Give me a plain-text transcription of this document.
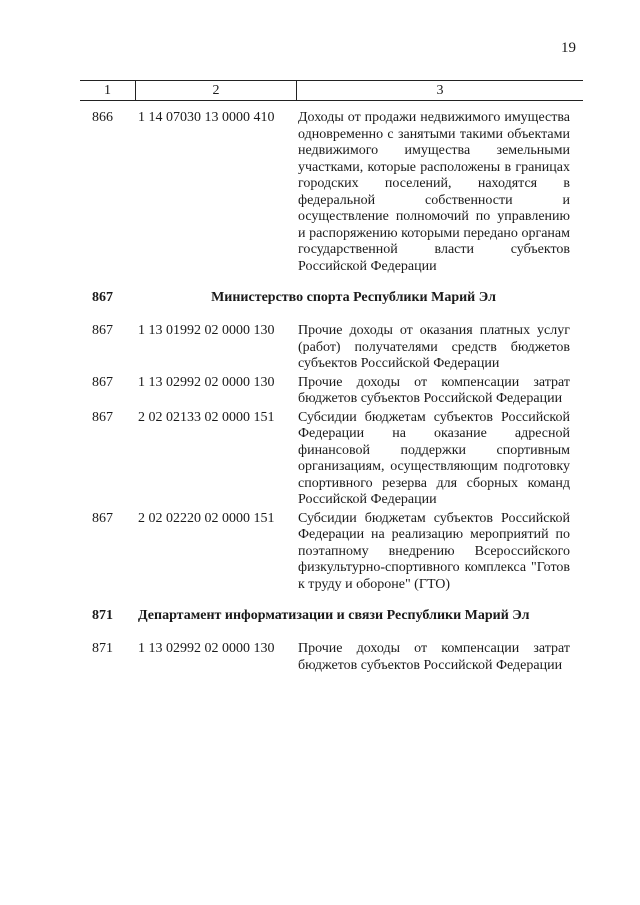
19
1	2	3
866	1 14 07030 13 0000 410	Доходы от продажи недвижимого имущества одновременно с занятыми такими объектами недвижимого имущества земельными участками, которые расположены в границах городских поселений, находятся в федеральной собственности и осуществление полномочий по управлению и распоряжению которыми передано органам государственной власти субъектов Российской Федерации
867	Министерство спорта Республики Марий Эл
867	1 13 01992 02 0000 130	Прочие доходы от оказания платных услуг (работ) получателями средств бюджетов субъектов Российской Федерации
867	1 13 02992 02 0000 130	Прочие доходы от компенсации затрат бюджетов субъектов Российской Федерации
867	2 02 02133 02 0000 151	Субсидии бюджетам субъектов Российской Федерации на оказание адресной финансовой поддержки спортивным организациям, осуществляющим подготовку спортивного резерва для сборных команд Российской Федерации
867	2 02 02220 02 0000 151	Субсидии бюджетам субъектов Российской Федерации на реализацию мероприятий по поэтапному внедрению Всероссийского физкультурно-спортивного комплекса "Готов к труду и обороне" (ГТО)
871	Департамент информатизации и связи Республики Марий Эл
871	1 13 02992 02 0000 130	Прочие доходы от компенсации затрат бюджетов субъектов Российской Федерации
